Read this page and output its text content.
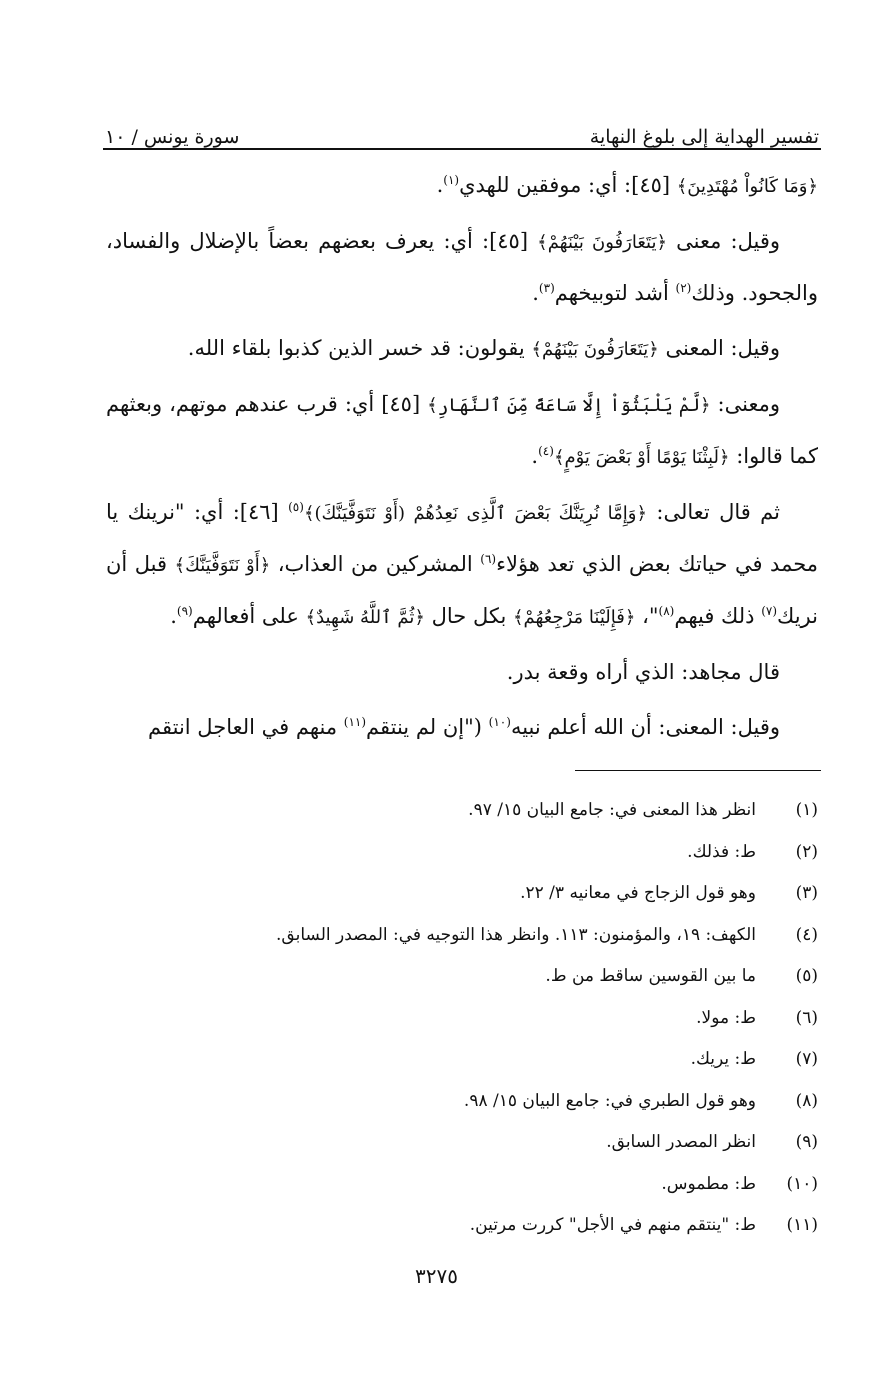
تفسير الهداية إلى بلوغ النهاية
سورة يونس / ١٠

﴿وَمَا كَانُواْ مُهْتَدِينَ﴾ [٤٥]: أي: موفقين للهدي$^{(١)}$.

وقيل: معنى ﴿يَتَعَارَفُونَ بَيْنَهُمْ﴾ [٤٥]: أي: يعرف بعضهم بعضاً بالإضلال والفساد، والجحود. وذلك$^{(٢)}$ أشد لتوبيخهم$^{(٣)}$.

وقيل: المعنى ﴿يَتَعَارَفُونَ بَيْنَهُمْ﴾ يقولون: قد خسر الذين كذبوا بلقاء الله.

ومعنى: ﴿لَّمْ يَلْبَثُوٓاْ إِلَّا سَاعَةً مِّنَ ٱلنَّهَارِ﴾ [٤٥] أي: قرب عندهم موتهم، وبعثهم كما قالوا: ﴿لَبِثْنَا يَوْمًا أَوْ بَعْضَ يَوْمٍ﴾$^{(٤)}$.

ثم قال تعالى: ﴿وَإِمَّا نُرِيَنَّكَ بَعْضَ ٱلَّذِى نَعِدُهُمْ (أَوْ نَتَوَفَّيَنَّكَ)﴾$^{(٥)}$ [٤٦]: أي: "نرينك يا محمد في حياتك بعض الذي تعد هؤلاء$^{(٦)}$ المشركين من العذاب، ﴿أَوْ نَتَوَفَّيَنَّكَ﴾ قبل أن نريك$^{(٧)}$ ذلك فيهم$^{(٨)}$"، ﴿فَإِلَيْنَا مَرْجِعُهُمْ﴾ بكل حال ﴿ثُمَّ ٱللَّهُ شَهِيدٌ﴾ على أفعالهم$^{(٩)}$.

قال مجاهد: الذي أراه وقعة بدر.

وقيل: المعنى: أن الله أعلم نبيه$^{(١٠)}$ ("إن لم ينتقم$^{(١١)}$ منهم في العاجل انتقم

(١)
انظر هذا المعنى في: جامع البيان ١٥/ ٩٧.
(٢)
ط: فذلك.
(٣)
وهو قول الزجاج في معانيه ٣/ ٢٢.
(٤)
الكهف: ١٩، والمؤمنون: ١١٣. وانظر هذا التوجيه في: المصدر السابق.
(٥)
ما بين القوسين ساقط من ط.
(٦)
ط: مولا.
(٧)
ط: يريك.
(٨)
وهو قول الطبري في: جامع البيان ١٥/ ٩٨.
(٩)
انظر المصدر السابق.
(١٠)
ط: مطموس.
(١١)
ط: "ينتقم منهم في الأجل" كررت مرتين.
٣٢٧٥
